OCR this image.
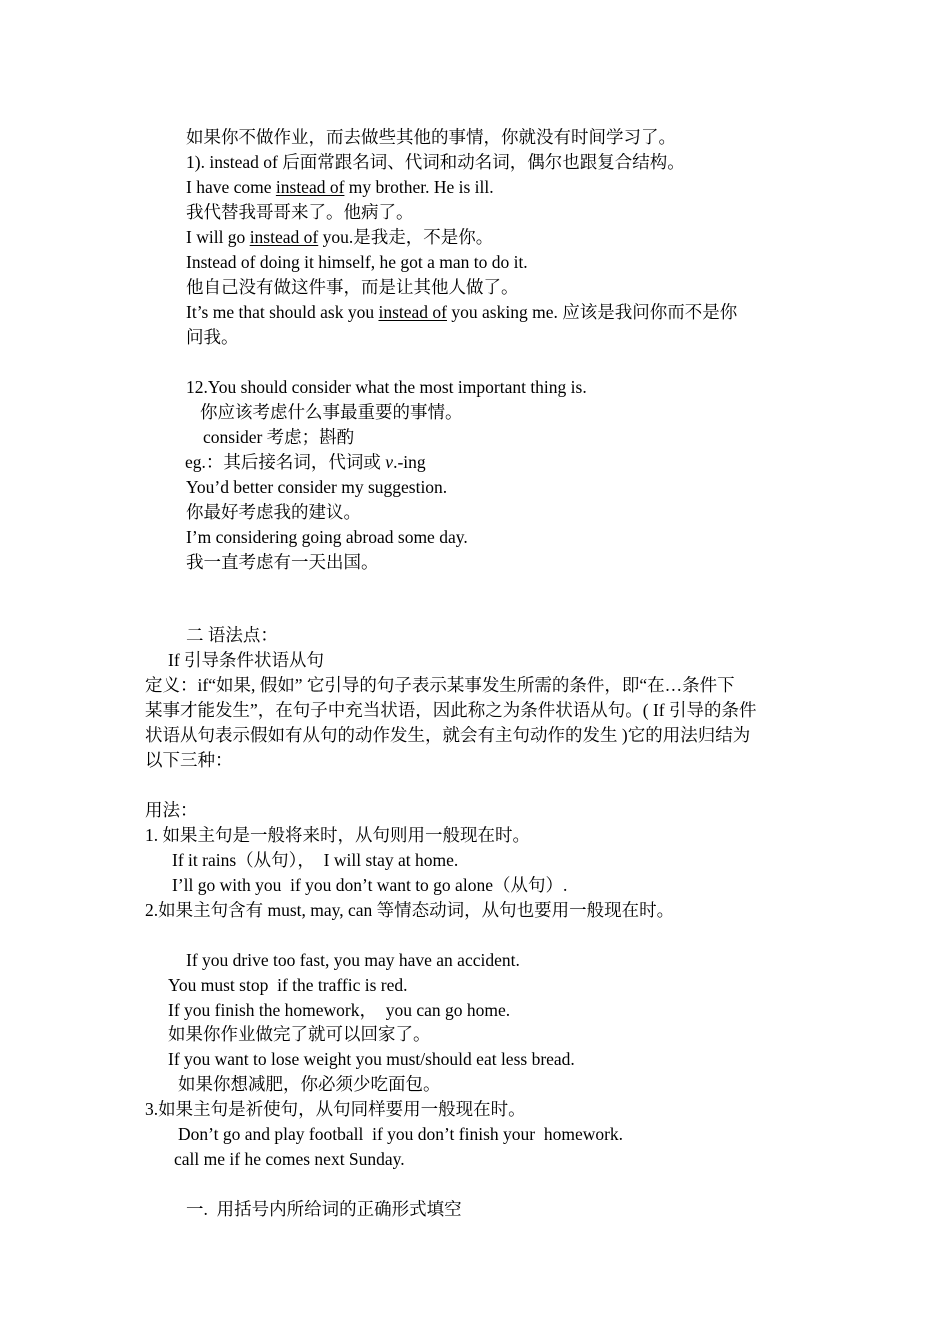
如果你不做作业，而去做些其他的事情，你就没有时间学习了。
1). instead of 后面常跟名词、代词和动名词，偶尔也跟复合结构。
I have come instead of my brother. He is ill.
我代替我哥哥来了。他病了。
I will go instead of you.是我走，不是你。
Instead of doing it himself, he got a man to do it.
他自己没有做这件事，而是让其他人做了。
It’s me that should ask you instead of you asking me. 应该是我问你而不是你
问我。
12.You should consider what the most important thing is.
你应该考虑什么事最重要的事情。
consider 考虑；斟酌
eg.：其后接名词，代词或 v.-ing
You’d better consider my suggestion.
你最好考虑我的建议。
I’m considering going abroad some day.
我一直考虑有一天出国。
二 语法点：
If 引导条件状语从句
定义：if“如果, 假如” 它引导的句子表示某事发生所需的条件，即“在…条件下
某事才能发生”，在句子中充当状语，因此称之为条件状语从句。( If 引导的条件
状语从句表示假如有从句的动作发生，就会有主句动作的发生 )它的用法归结为
以下三种：
用法：
1. 如果主句是一般将来时，从句则用一般现在时。
If it rains（从句），  I will stay at home.
I’ll go with you  if you don’t want to go alone（从句）.
2.如果主句含有 must, may, can 等情态动词，从句也要用一般现在时。
If you drive too fast, you may have an accident.
You must stop  if the traffic is red.
If you finish the homework，  you can go home.
如果你作业做完了就可以回家了。
If you want to lose weight you must/should eat less bread.
如果你想减肥，你必须少吃面包。
3.如果主句是祈使句，从句同样要用一般现在时。
Don’t go and play football  if you don’t finish your  homework.
call me if he comes next Sunday.
一.  用括号内所给词的正确形式填空
